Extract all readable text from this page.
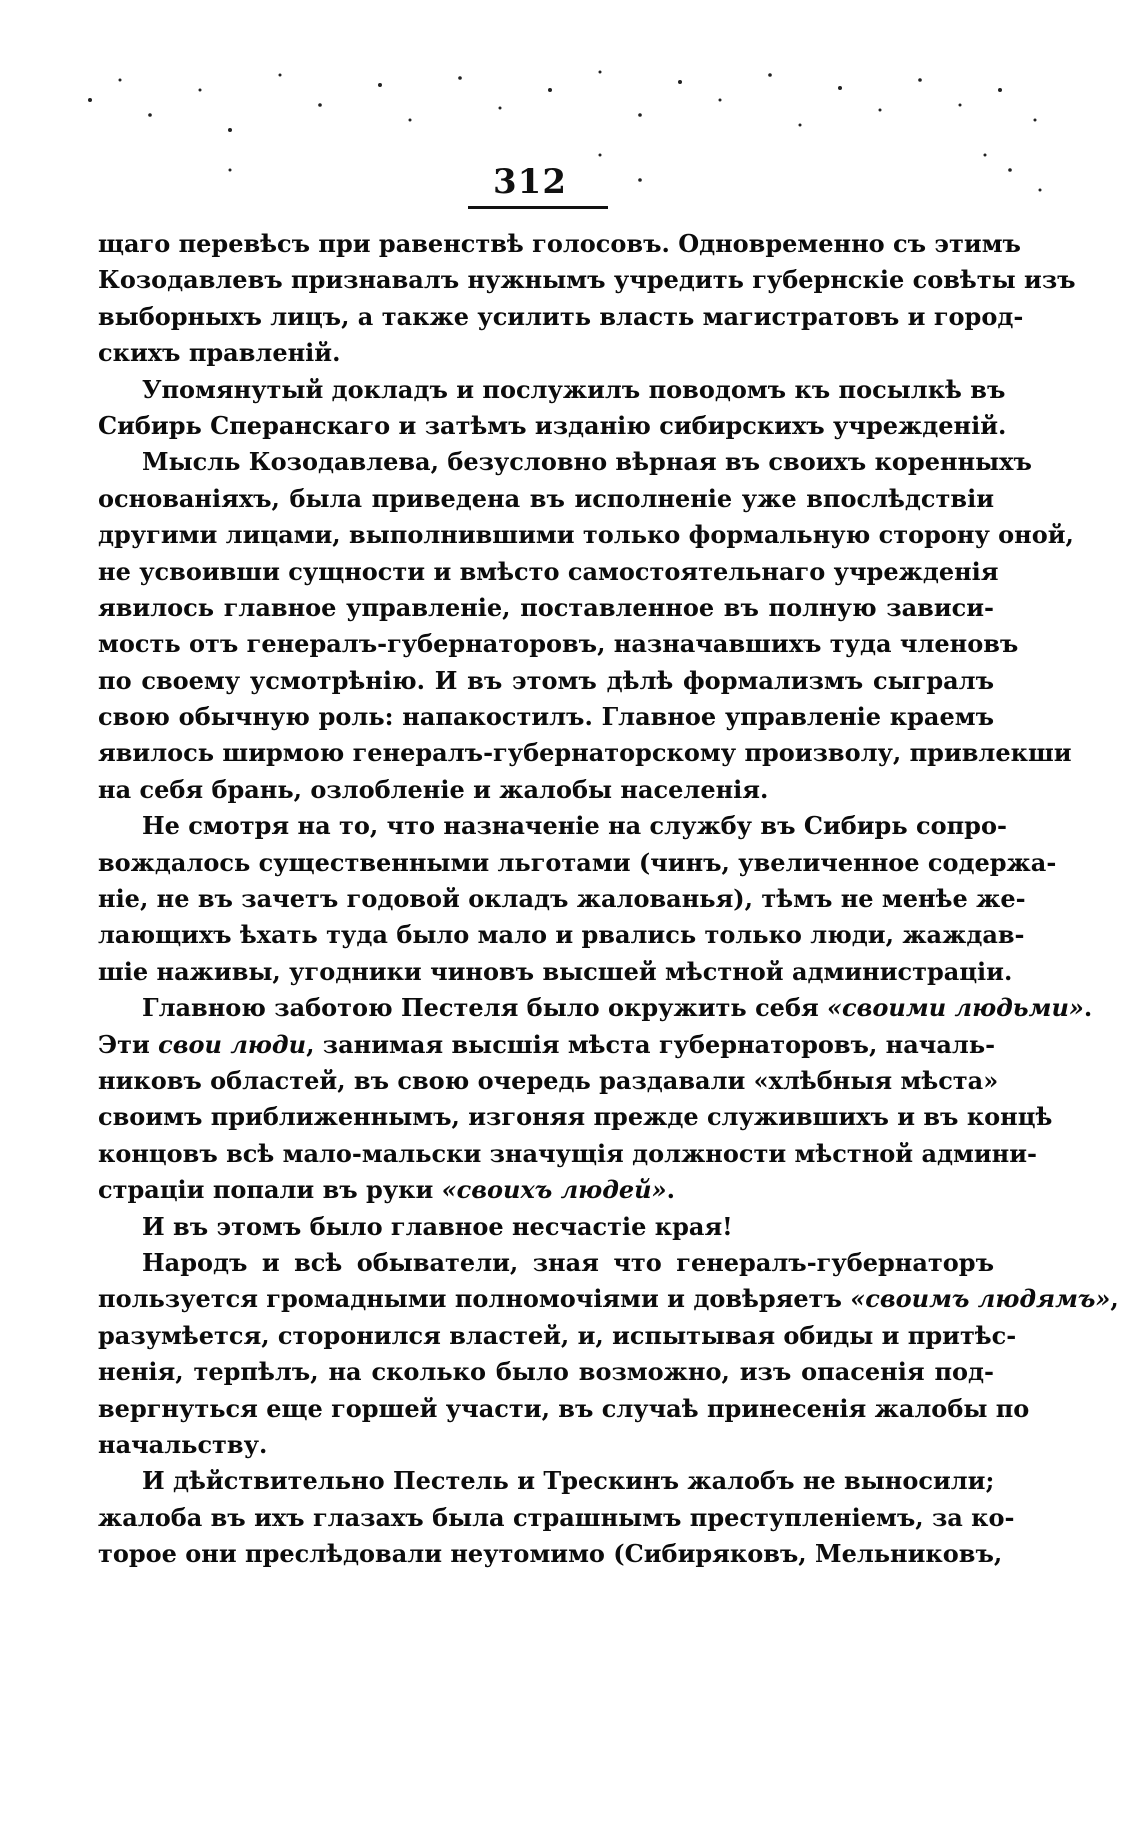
312
щаго перевѣсъ при равенствѣ голосовъ. Одновременно съ этимъ
Козодавлевъ признавалъ нужнымъ учредить губернскіе совѣты изъ
выборныхъ лицъ, а также усилить власть магистратовъ и город-
скихъ правленій.
Упомянутый докладъ и послужилъ поводомъ къ посылкѣ въ
Сибирь Сперанскаго и затѣмъ изданію сибирскихъ учрежденій.
Мысль Козодавлева, безусловно вѣрная въ своихъ коренныхъ
основаніяхъ, была приведена въ исполненіе уже впослѣдствіи
другими лицами, выполнившими только формальную сторону оной,
не усвоивши сущности и вмѣсто самостоятельнаго учрежденія
явилось главное управленіе, поставленное въ полную зависи-
мость отъ генералъ-губернаторовъ, назначавшихъ туда членовъ
по своему усмотрѣнію. И въ этомъ дѣлѣ формализмъ сыгралъ
свою обычную роль: напакостилъ. Главное управленіе краемъ
явилось ширмою генералъ-губернаторскому произволу, привлекши
на себя брань, озлобленіе и жалобы населенія.
Не смотря на то, что назначеніе на службу въ Сибирь сопро-
вождалось существенными льготами (чинъ, увеличенное содержа-
ніе, не въ зачетъ годовой окладъ жалованья), тѣмъ не менѣе же-
лающихъ ѣхать туда было мало и рвались только люди, жаждав-
шіе наживы, угодники чиновъ высшей мѣстной администраціи.
Главною заботою Пестеля было окружить себя «своими людьми».
Эти свои люди, занимая высшія мѣста губернаторовъ, началь-
никовъ областей, въ свою очередь раздавали «хлѣбныя мѣста»
своимъ приближеннымъ, изгоняя прежде служившихъ и въ концѣ
концовъ всѣ мало-мальски значущія должности мѣстной админи-
страціи попали въ руки «своихъ людей».
И въ этомъ было главное несчастіе края!
Народъ и всѣ обыватели, зная что генералъ-губернаторъ
пользуется громадными полномочіями и довѣряетъ «своимъ людямъ»,
разумѣется, сторонился властей, и, испытывая обиды и притѣс-
ненія, терпѣлъ, на сколько было возможно, изъ опасенія под-
вергнуться еще горшей участи, въ случаѣ принесенія жалобы по
начальству.
И дѣйствительно Пестель и Трескинъ жалобъ не выносили;
жалоба въ ихъ глазахъ была страшнымъ преступленіемъ, за ко-
торое они преслѣдовали неутомимо (Сибиряковъ, Мельниковъ,
